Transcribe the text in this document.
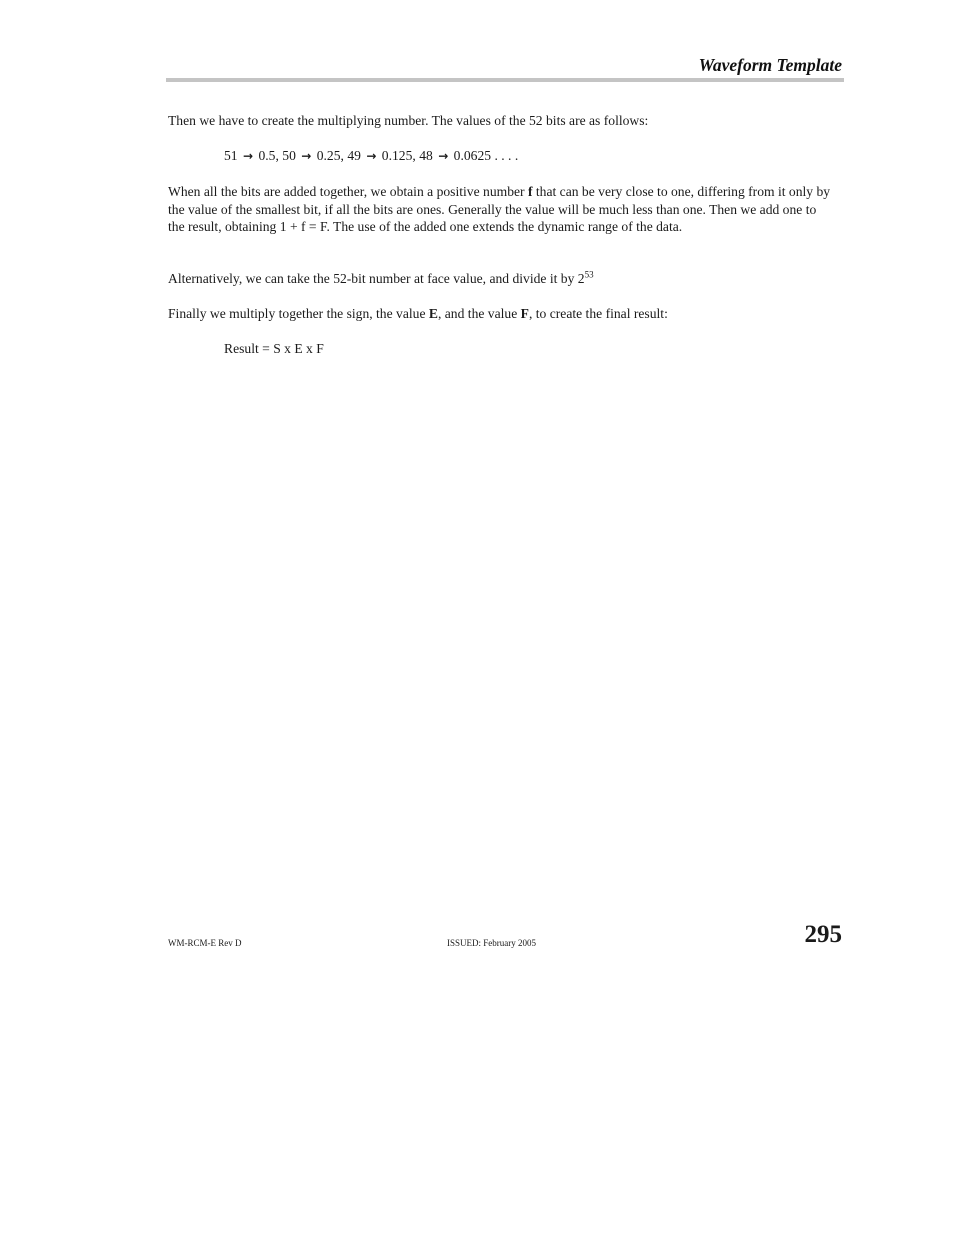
Waveform Template

Then we have to create the multiplying number. The values of the 52 bits are as follows:

51 → 0.5, 50 → 0.25, 49 → 0.125, 48 → 0.0625 . . . .

When all the bits are added together, we obtain a positive number f that can be very close to one, differing from it only by the value of the smallest bit, if all the bits are ones. Generally the value will be much less than one. Then we add one to the result, obtaining 1 + f = F. The use of the added one extends the dynamic range of the data.

Alternatively, we can take the 52-bit number at face value, and divide it by $2^{53}$

Finally we multiply together the sign, the value E, and the value F, to create the final result:

Result = S x E x F

WM-RCM-E Rev D	ISSUED: February 2005	295
